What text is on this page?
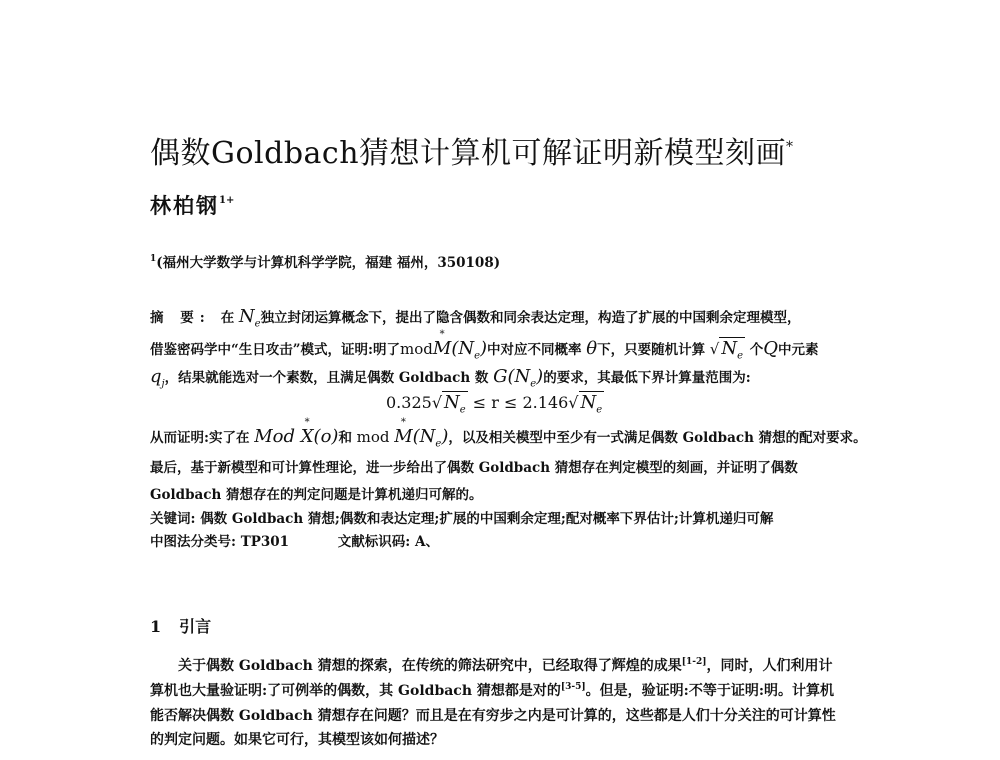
偶数Goldbach猜想计算机可解证明新模型刻画*
林柏钢$^{1+}$
$^1$(福州大学数学与计算机科学学院，福建 福州，350108)
摘 要: 在 $N_e$独立封闭运算概念下，提出了隐含偶数和同余表达定理，构造了扩展的中国剩余定理模型，
借鉴密码学中“生日攻击”模式，证明:明了mod* $M(N_e)$中对应不同概率 θ下，只要随机计算 √ $N_e$ 个Q中元素
$q_j$，结果就能选对一个素数，且满足偶数 Goldbach 数 $G(N_e)$的要求，其最低下界计算量范围为:
0.325√ $N_e \le r \le 2.146√$ $N_e$
从而证明:实了在 Mod * X(o)和 mod * $M(N_e)$，以及相关模型中至少有一式满足偶数 Goldbach 猜想的配对要求。
最后，基于新模型和可计算性理论，进一步给出了偶数 Goldbach 猜想存在判定模型的刻画，并证明了偶数
Goldbach 猜想存在的判定问题是计算机递归可解的。
关键词: 偶数 Goldbach 猜想;偶数和表达定理;扩展的中国剩余定理;配对概率下界估计;计算机递归可解
中图法分类号: TP301	文献标识码: A、
1 引言
关于偶数 Goldbach 猜想的探索，在传统的筛法研究中，已经取得了辉煌的成果[1-2]，同时，人们利用计
算机也大量验证明:了可例举的偶数，其 Goldbach 猜想都是对的[3-5]。但是，验证明:不等于证明:明。计算机
能否解决偶数 Goldbach 猜想存在问题？而且是在有穷步之内是可计算的，这些都是人们十分关注的可计算性
的判定问题。如果它可行，其模型该如何描述？
